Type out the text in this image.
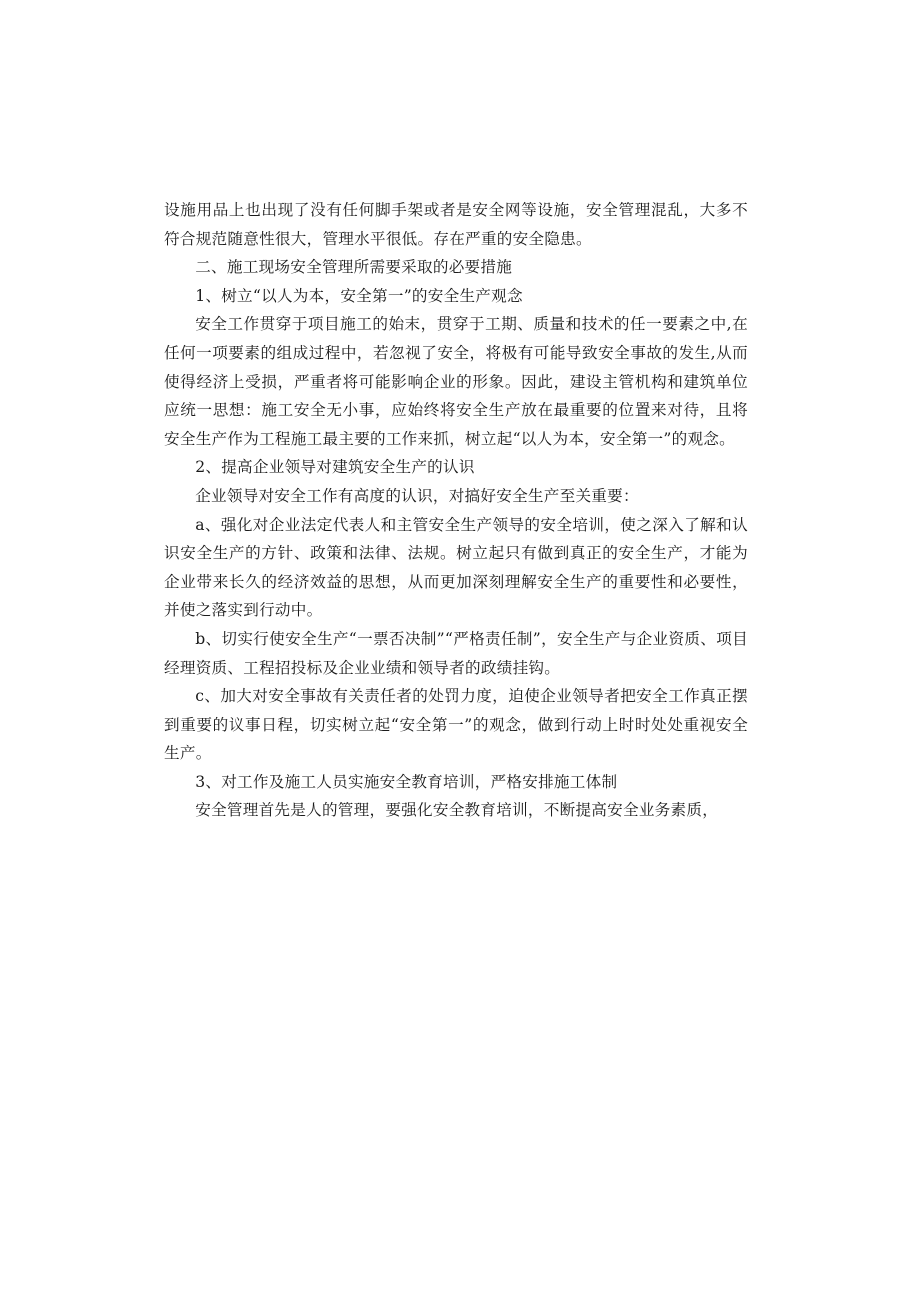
设施用品上也出现了没有任何脚手架或者是安全网等设施，安全管理混乱，大多不符合规范随意性很大，管理水平很低。存在严重的安全隐患。

二、施工现场安全管理所需要采取的必要措施

1、树立“以人为本，安全第一”的安全生产观念

安全工作贯穿于项目施工的始末，贯穿于工期、质量和技术的任一要素之中,在任何一项要素的组成过程中，若忽视了安全，将极有可能导致安全事故的发生,从而使得经济上受损，严重者将可能影响企业的形象。因此，建设主管机构和建筑单位应统一思想：施工安全无小事，应始终将安全生产放在最重要的位置来对待，且将安全生产作为工程施工最主要的工作来抓，树立起“以人为本，安全第一”的观念。

2、提高企业领导对建筑安全生产的认识

企业领导对安全工作有高度的认识，对搞好安全生产至关重要：

a、强化对企业法定代表人和主管安全生产领导的安全培训，使之深入了解和认识安全生产的方针、政策和法律、法规。树立起只有做到真正的安全生产，才能为企业带来长久的经济效益的思想，从而更加深刻理解安全生产的重要性和必要性，并使之落实到行动中。

b、切实行使安全生产“一票否决制”“严格责任制”，安全生产与企业资质、项目经理资质、工程招投标及企业业绩和领导者的政绩挂钩。

c、加大对安全事故有关责任者的处罚力度，迫使企业领导者把安全工作真正摆到重要的议事日程，切实树立起“安全第一”的观念，做到行动上时时处处重视安全生产。

3、对工作及施工人员实施安全教育培训，严格安排施工体制

安全管理首先是人的管理，要强化安全教育培训，不断提高安全业务素质，
